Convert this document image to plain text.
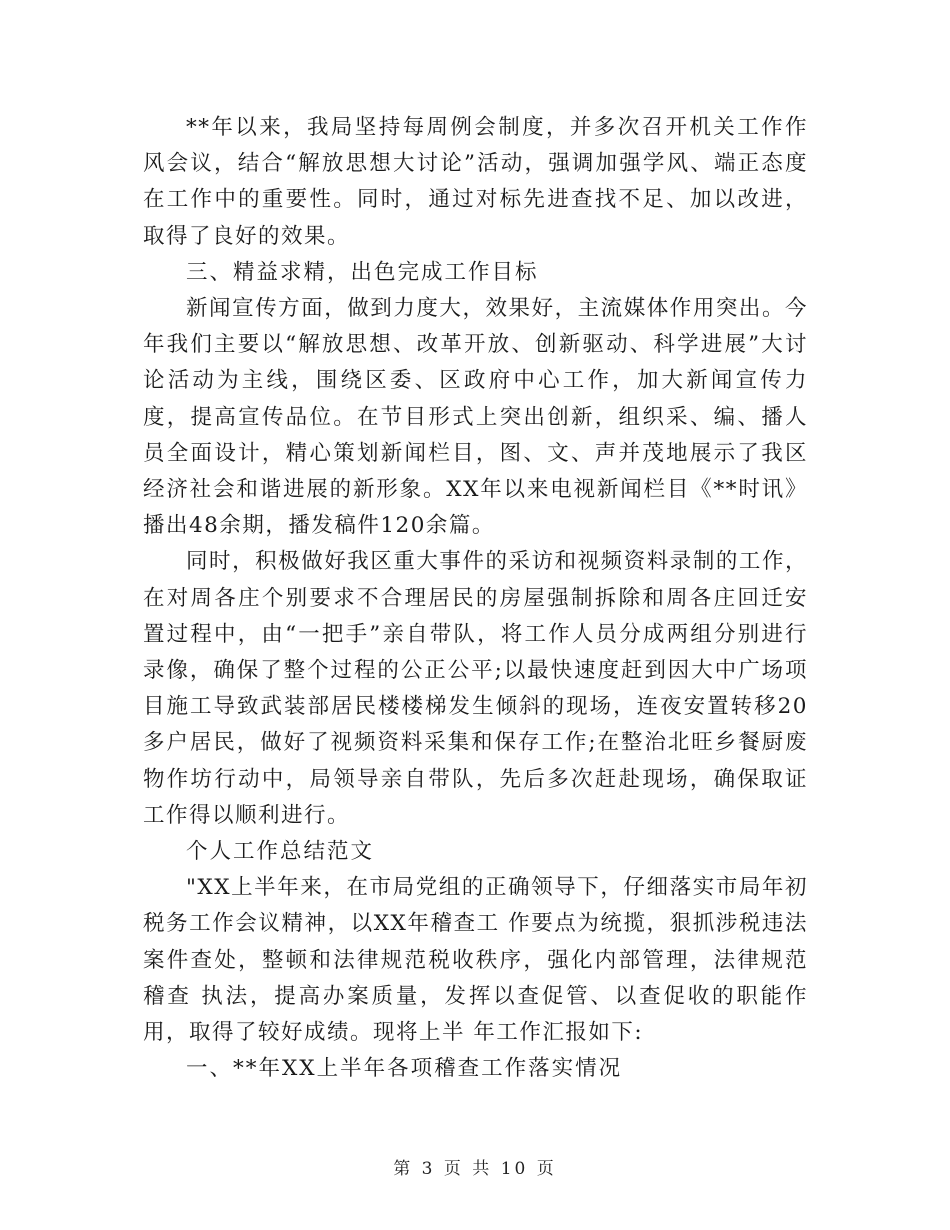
**年以来，我局坚持每周例会制度，并多次召开机关工作作风会议，结合“解放思想大讨论”活动，强调加强学风、端正态度在工作中的重要性。同时，通过对标先进查找不足、加以改进，取得了良好的效果。

三、精益求精，出色完成工作目标

新闻宣传方面，做到力度大，效果好，主流媒体作用突出。今年我们主要以“解放思想、改革开放、创新驱动、科学进展”大讨论活动为主线，围绕区委、区政府中心工作，加大新闻宣传力度，提高宣传品位。在节目形式上突出创新，组织采、编、播人员全面设计，精心策划新闻栏目，图、文、声并茂地展示了我区经济社会和谐进展的新形象。XX年以来电视新闻栏目《**时讯》播出48余期，播发稿件120余篇。

同时，积极做好我区重大事件的采访和视频资料录制的工作，在对周各庄个别要求不合理居民的房屋强制拆除和周各庄回迁安置过程中，由“一把手”亲自带队，将工作人员分成两组分别进行录像，确保了整个过程的公正公平;以最快速度赶到因大中广场项目施工导致武装部居民楼楼梯发生倾斜的现场，连夜安置转移20多户居民，做好了视频资料采集和保存工作;在整治北旺乡餐厨废物作坊行动中，局领导亲自带队，先后多次赶赴现场，确保取证工作得以顺利进行。

个人工作总结范文

"XX上半年来，在市局党组的正确领导下，仔细落实市局年初税务工作会议精神，以XX年稽查工 作要点为统揽，狠抓涉税违法案件查处，整顿和法律规范税收秩序，强化内部管理，法律规范稽查 执法，提高办案质量，发挥以查促管、以查促收的职能作用，取得了较好成绩。现将上半 年工作汇报如下:

一、**年XX上半年各项稽查工作落实情况

第 3 页 共 10 页
